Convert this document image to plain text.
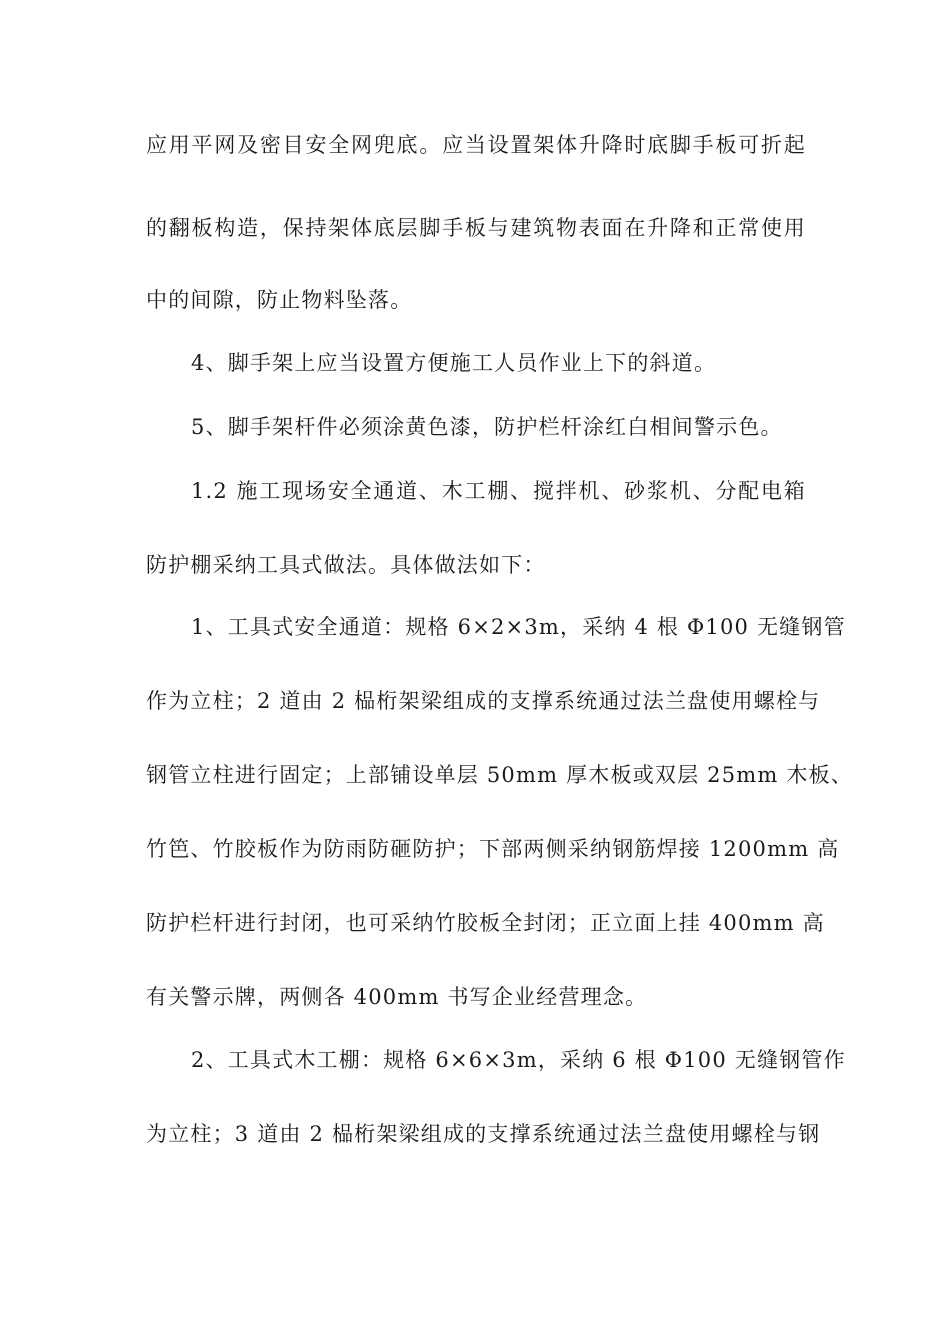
应用平网及密目安全网兜底。应当设置架体升降时底脚手板可折起
的翻板构造，保持架体底层脚手板与建筑物表面在升降和正常使用
中的间隙，防止物料坠落。
4、脚手架上应当设置方便施工人员作业上下的斜道。
5、脚手架杆件必须涂黄色漆，防护栏杆涂红白相间警示色。
1.2 施工现场安全通道、木工棚、搅拌机、砂浆机、分配电箱
防护棚采纳工具式做法。具体做法如下：
1、工具式安全通道：规格 6×2×3m，采纳 4 根 Φ100 无缝钢管
作为立柱；2 道由 2 榀桁架梁组成的支撑系统通过法兰盘使用螺栓与
钢管立柱进行固定；上部铺设单层 50mm 厚木板或双层 25mm 木板、
竹笆、竹胶板作为防雨防砸防护；下部两侧采纳钢筋焊接 1200mm 高
防护栏杆进行封闭，也可采纳竹胶板全封闭；正立面上挂 400mm 高
有关警示牌，两侧各 400mm 书写企业经营理念。
2、工具式木工棚：规格 6×6×3m，采纳 6 根 Φ100 无缝钢管作
为立柱；3 道由 2 榀桁架梁组成的支撑系统通过法兰盘使用螺栓与钢
